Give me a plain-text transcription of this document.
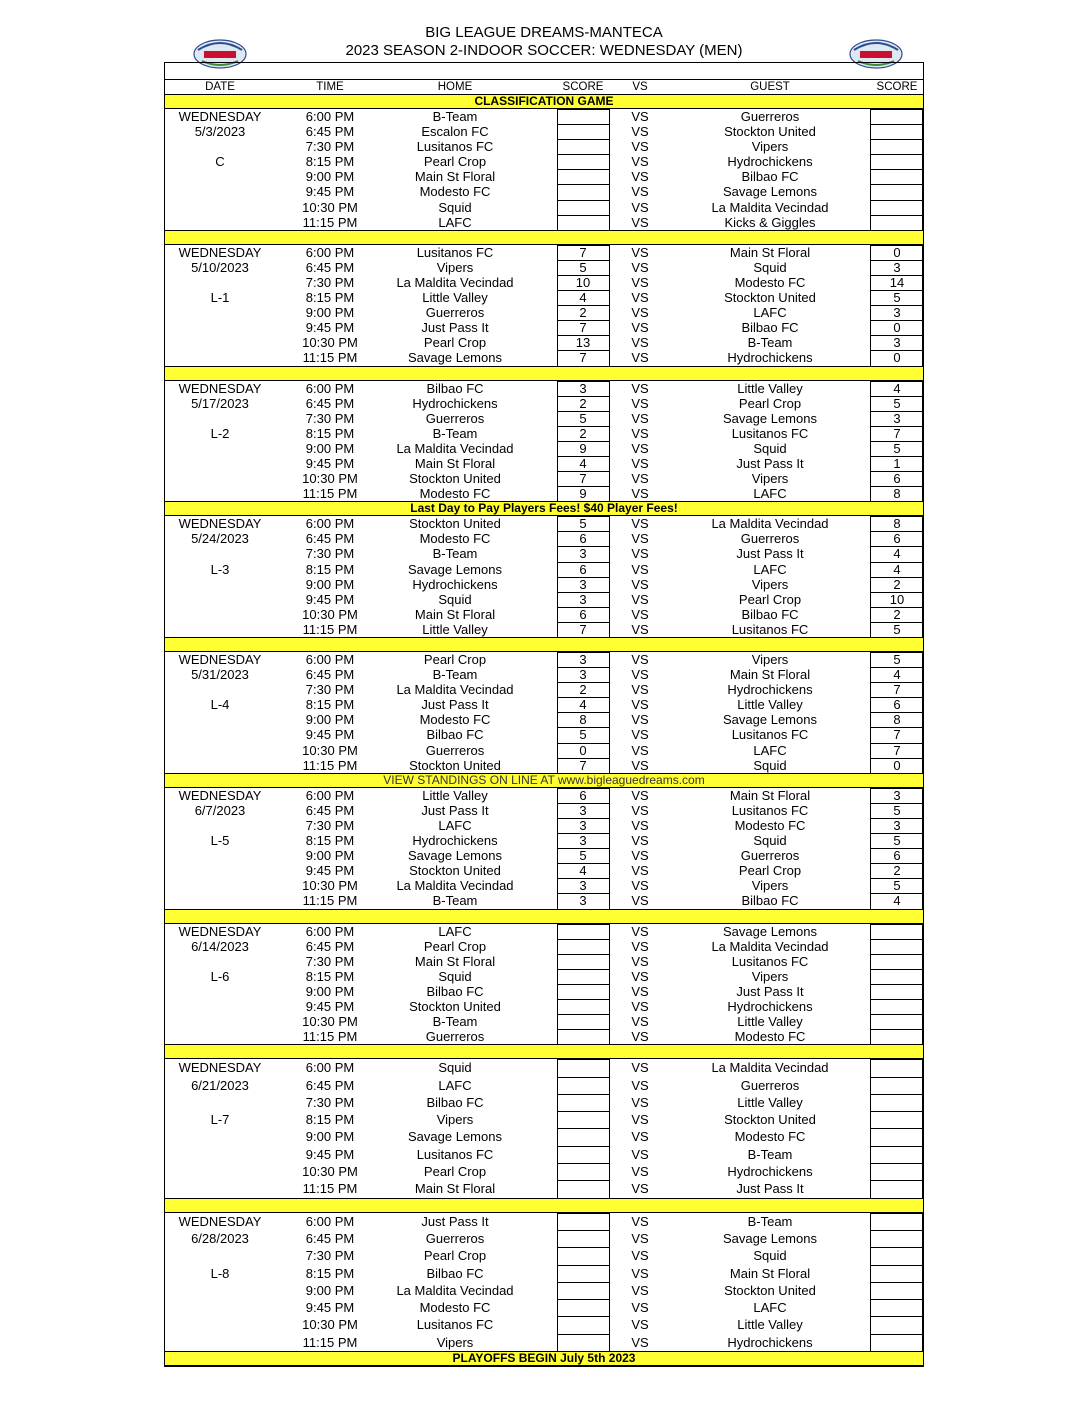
BIG LEAGUE DREAMS-MANTECA
2023 SEASON 2-INDOOR SOCCER: WEDNESDAY (MEN)
DATE	TIME	HOME	SCORE	VS	GUEST	SCORE
CLASSIFICATION GAME
WEDNESDAY	6:00 PM	B-Team	VS	Guerreros
5/3/2023	6:45 PM	Escalon FC	VS	Stockton United
7:30 PM	Lusitanos FC	VS	Vipers
C	8:15 PM	Pearl Crop	VS	Hydrochickens
9:00 PM	Main St Floral	VS	Bilbao FC
9:45 PM	Modesto FC	VS	Savage Lemons
10:30 PM	Squid	VS	La Maldita Vecindad
11:15 PM	LAFC	VS	Kicks & Giggles
WEDNESDAY	6:00 PM	Lusitanos FC	7	VS	Main St Floral	0
5/10/2023	6:45 PM	Vipers	5	VS	Squid	3
7:30 PM	La Maldita Vecindad	10	VS	Modesto FC	14
L-1	8:15 PM	Little Valley	4	VS	Stockton United	5
9:00 PM	Guerreros	2	VS	LAFC	3
9:45 PM	Just Pass It	7	VS	Bilbao FC	0
10:30 PM	Pearl Crop	13	VS	B-Team	3
11:15 PM	Savage Lemons	7	VS	Hydrochickens	0
WEDNESDAY	6:00 PM	Bilbao FC	3	VS	Little Valley	4
5/17/2023	6:45 PM	Hydrochickens	2	VS	Pearl Crop	5
7:30 PM	Guerreros	5	VS	Savage Lemons	3
L-2	8:15 PM	B-Team	2	VS	Lusitanos FC	7
9:00 PM	La Maldita Vecindad	9	VS	Squid	5
9:45 PM	Main St Floral	4	VS	Just Pass It	1
10:30 PM	Stockton United	7	VS	Vipers	6
11:15 PM	Modesto FC	9	VS	LAFC	8
Last Day to Pay Players Fees! $40 Player Fees!
WEDNESDAY	6:00 PM	Stockton United	5	VS	La Maldita Vecindad	8
5/24/2023	6:45 PM	Modesto FC	6	VS	Guerreros	6
7:30 PM	B-Team	3	VS	Just Pass It	4
L-3	8:15 PM	Savage Lemons	6	VS	LAFC	4
9:00 PM	Hydrochickens	3	VS	Vipers	2
9:45 PM	Squid	3	VS	Pearl Crop	10
10:30 PM	Main St Floral	6	VS	Bilbao FC	2
11:15 PM	Little Valley	7	VS	Lusitanos FC	5
WEDNESDAY	6:00 PM	Pearl Crop	3	VS	Vipers	5
5/31/2023	6:45 PM	B-Team	3	VS	Main St Floral	4
7:30 PM	La Maldita Vecindad	2	VS	Hydrochickens	7
L-4	8:15 PM	Just Pass It	4	VS	Little Valley	6
9:00 PM	Modesto FC	8	VS	Savage Lemons	8
9:45 PM	Bilbao FC	5	VS	Lusitanos FC	7
10:30 PM	Guerreros	0	VS	LAFC	7
11:15 PM	Stockton United	7	VS	Squid	0
VIEW STANDINGS ON LINE AT www.bigleaguedreams.com
WEDNESDAY	6:00 PM	Little Valley	6	VS	Main St Floral	3
6/7/2023	6:45 PM	Just Pass It	3	VS	Lusitanos FC	5
7:30 PM	LAFC	3	VS	Modesto FC	3
L-5	8:15 PM	Hydrochickens	3	VS	Squid	5
9:00 PM	Savage Lemons	5	VS	Guerreros	6
9:45 PM	Stockton United	4	VS	Pearl Crop	2
10:30 PM	La Maldita Vecindad	3	VS	Vipers	5
11:15 PM	B-Team	3	VS	Bilbao FC	4
WEDNESDAY	6:00 PM	LAFC	VS	Savage Lemons
6/14/2023	6:45 PM	Pearl Crop	VS	La Maldita Vecindad
7:30 PM	Main St Floral	VS	Lusitanos FC
L-6	8:15 PM	Squid	VS	Vipers
9:00 PM	Bilbao FC	VS	Just Pass It
9:45 PM	Stockton United	VS	Hydrochickens
10:30 PM	B-Team	VS	Little Valley
11:15 PM	Guerreros	VS	Modesto FC
WEDNESDAY	6:00 PM	Squid	VS	La Maldita Vecindad
6/21/2023	6:45 PM	LAFC	VS	Guerreros
7:30 PM	Bilbao FC	VS	Little Valley
L-7	8:15 PM	Vipers	VS	Stockton United
9:00 PM	Savage Lemons	VS	Modesto FC
9:45 PM	Lusitanos FC	VS	B-Team
10:30 PM	Pearl Crop	VS	Hydrochickens
11:15 PM	Main St Floral	VS	Just Pass It
WEDNESDAY	6:00 PM	Just Pass It	VS	B-Team
6/28/2023	6:45 PM	Guerreros	VS	Savage Lemons
7:30 PM	Pearl Crop	VS	Squid
L-8	8:15 PM	Bilbao FC	VS	Main St Floral
9:00 PM	La Maldita Vecindad	VS	Stockton United
9:45 PM	Modesto FC	VS	LAFC
10:30 PM	Lusitanos FC	VS	Little Valley
11:15 PM	Vipers	VS	Hydrochickens
PLAYOFFS BEGIN July 5th 2023
